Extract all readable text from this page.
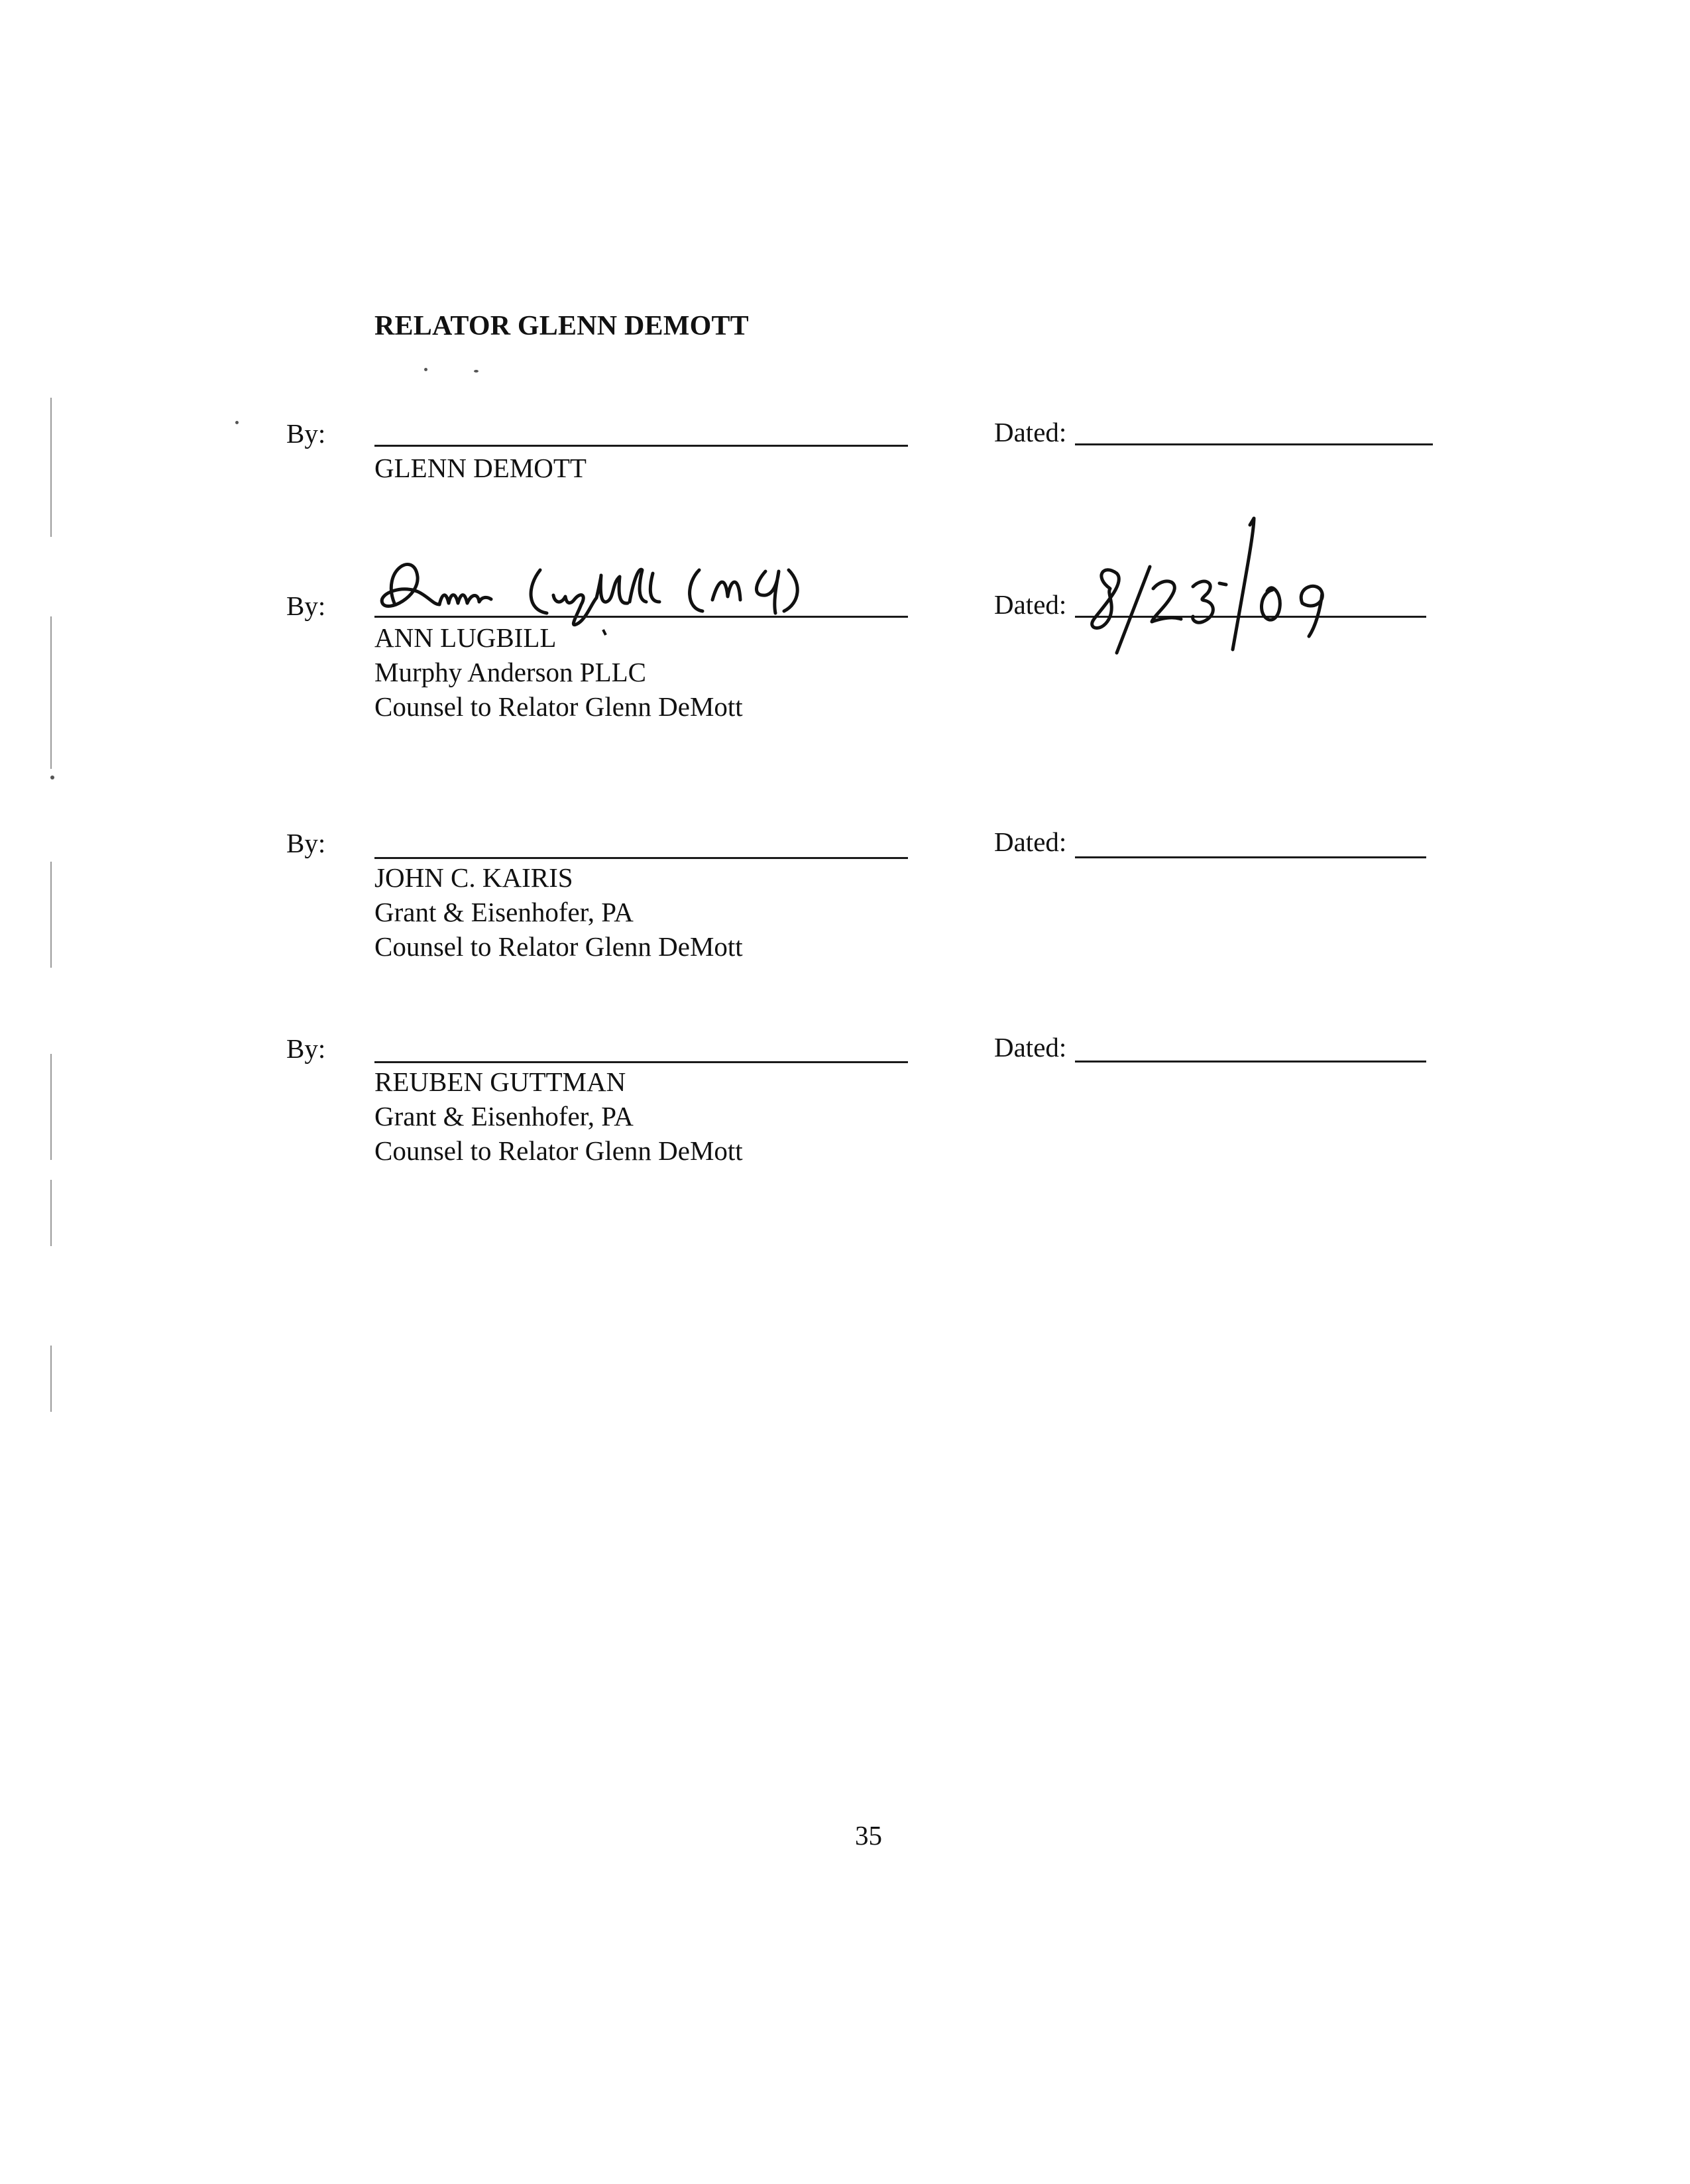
RELATOR GLENN DEMOTT
By:
GLENN DEMOTT
Dated:
By:
ANN LUGBILL
Murphy Anderson PLLC
Counsel to Relator Glenn DeMott
Dated:
By:
JOHN C. KAIRIS
Grant & Eisenhofer, PA
Counsel to Relator Glenn DeMott
Dated:
By:
REUBEN GUTTMAN
Grant & Eisenhofer, PA
Counsel to Relator Glenn DeMott
Dated:
35
